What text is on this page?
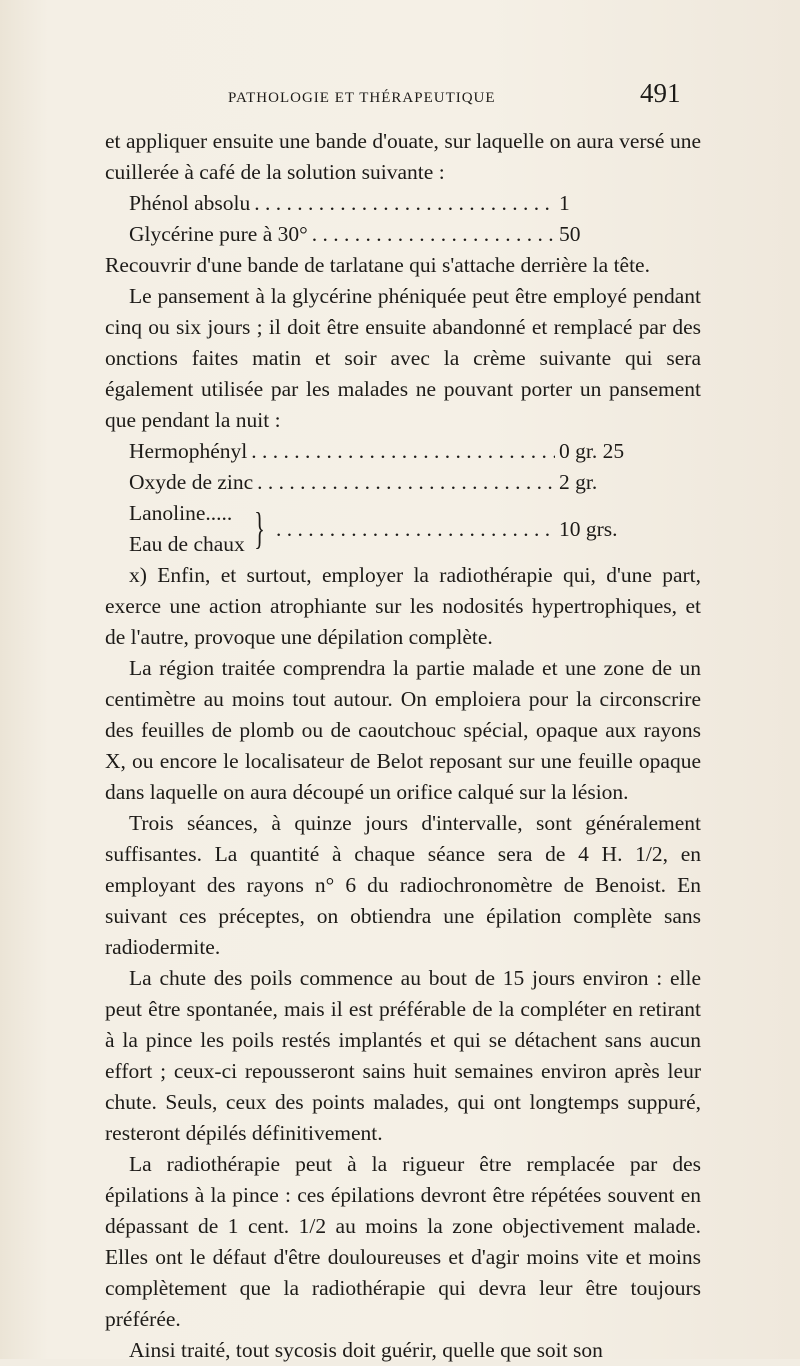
PATHOLOGIE ET THÉRAPEUTIQUE	491

et appliquer ensuite une bande d'ouate, sur laquelle on aura versé une cuillerée à café de la solution suivante :

Phénol absolu . . .	1
Glycérine pure à 30° . . .	50

Recouvrir d'une bande de tarlatane qui s'attache derrière la tête.

Le pansement à la glycérine phéniquée peut être employé pendant cinq ou six jours ; il doit être ensuite abandonné et remplacé par des onctions faites matin et soir avec la crème suivante qui sera également utilisée par les malades ne pouvant porter un pansement que pendant la nuit :

Hermophényl . . .	0 gr. 25
Oxyde de zinc . . .	2 gr.
Lanoline.....
Eau de chaux } . . .	10 grs.

x) Enfin, et surtout, employer la radiothérapie qui, d'une part, exerce une action atrophiante sur les nodosités hypertrophiques, et de l'autre, provoque une dépilation complète.

La région traitée comprendra la partie malade et une zone de un centimètre au moins tout autour. On emploiera pour la circonscrire des feuilles de plomb ou de caoutchouc spécial, opaque aux rayons X, ou encore le localisateur de Belot reposant sur une feuille opaque dans laquelle on aura découpé un orifice calqué sur la lésion.

Trois séances, à quinze jours d'intervalle, sont généralement suffisantes. La quantité à chaque séance sera de 4 H. 1/2, en employant des rayons n° 6 du radiochronomètre de Benoist. En suivant ces préceptes, on obtiendra une épilation complète sans radiodermite.

La chute des poils commence au bout de 15 jours environ : elle peut être spontanée, mais il est préférable de la compléter en retirant à la pince les poils restés implantés et qui se détachent sans aucun effort ; ceux-ci repousseront sains huit semaines environ après leur chute. Seuls, ceux des points malades, qui ont longtemps suppuré, resteront dépilés définitivement.

La radiothérapie peut à la rigueur être remplacée par des épilations à la pince : ces épilations devront être répétées souvent en dépassant de 1 cent. 1/2 au moins la zone objectivement malade. Elles ont le défaut d'être douloureuses et d'agir moins vite et moins complètement que la radiothérapie qui devra leur être toujours préférée.

Ainsi traité, tout sycosis doit guérir, quelle que soit son
